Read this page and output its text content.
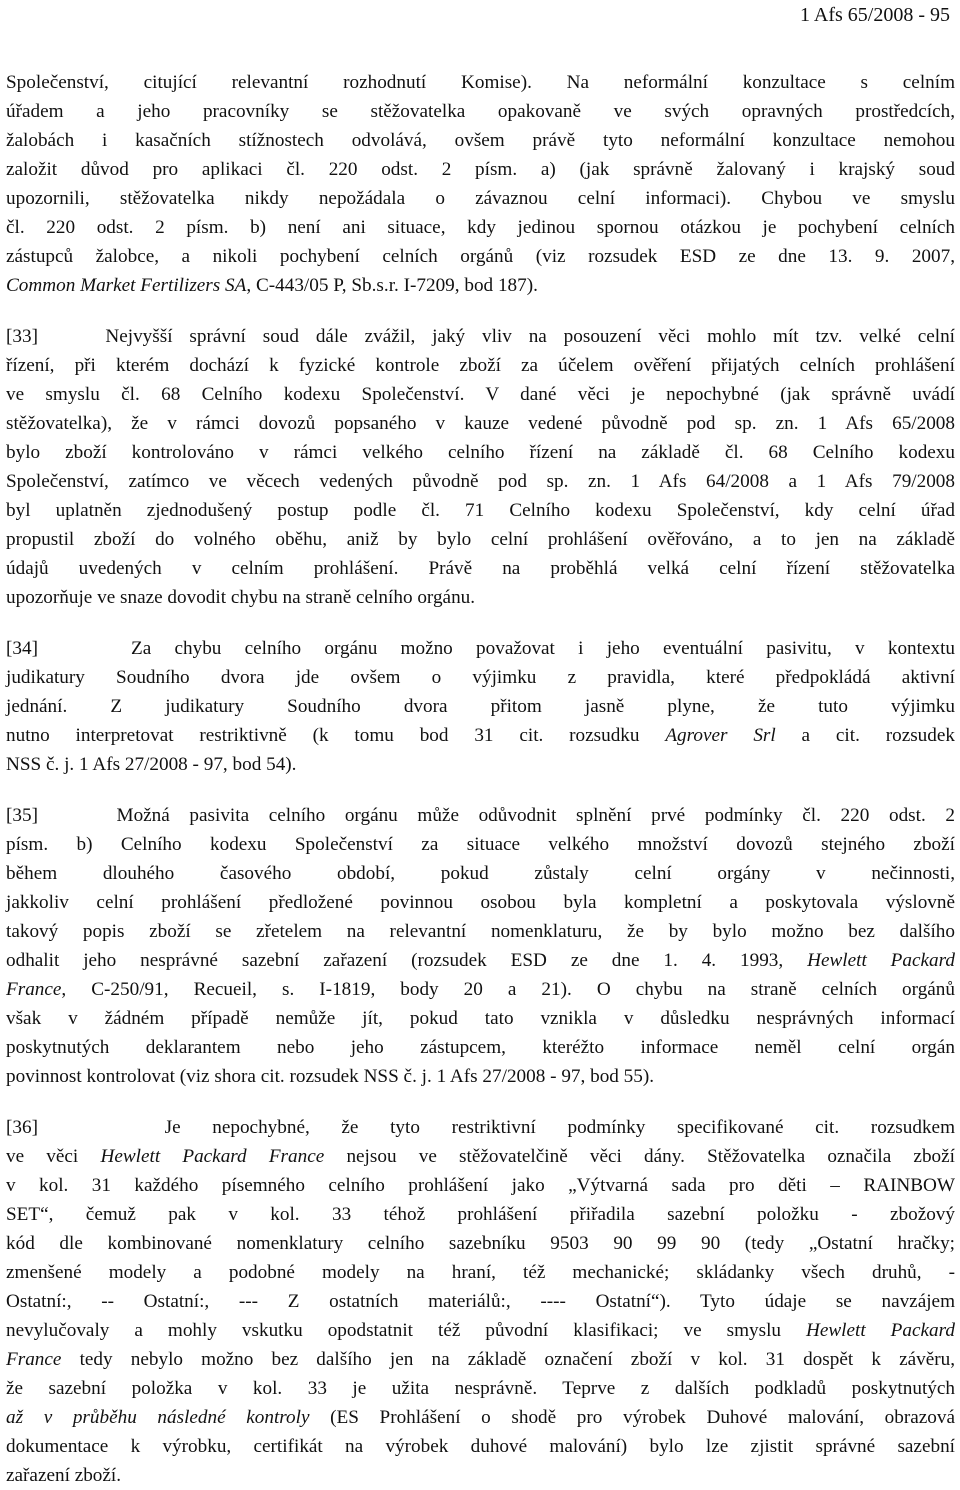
1 Afs 65/2008 - 95
Společenství, citující relevantní rozhodnutí Komise). Na neformální konzultace s celním
úřadem a jeho pracovníky se stěžovatelka opakovaně ve svých opravných prostředcích,
žalobách i kasačních stížnostech odvolává, ovšem právě tyto neformální konzultace nemohou
založit důvod pro aplikaci čl. 220 odst. 2 písm. a) (jak správně žalovaný i krajský soud
upozornili, stěžovatelka nikdy nepožádala o závaznou celní informaci). Chybou ve smyslu
čl. 220 odst. 2 písm. b) není ani situace, kdy jedinou spornou otázkou je pochybení celních
zástupců žalobce, a nikoli pochybení celních orgánů (viz rozsudek ESD ze dne 13. 9. 2007,
Common Market Fertilizers SA, C-443/05 P, Sb.s.r. I-7209, bod 187).
[33]    Nejvyšší správní soud dále zvážil, jaký vliv na posouzení věci mohlo mít tzv. velké celní
řízení, při kterém dochází k fyzické kontrole zboží za účelem ověření přijatých celních prohlášení
ve smyslu čl. 68 Celního kodexu Společenství. V dané věci je nepochybné (jak správně uvádí
stěžovatelka), že v rámci dovozů popsaného v kauze vedené původně pod sp. zn. 1 Afs 65/2008
bylo zboží kontrolováno v rámci velkého celního řízení na základě čl. 68 Celního kodexu
Společenství, zatímco ve věcech vedených původně pod sp. zn. 1 Afs 64/2008 a 1 Afs 79/2008
byl uplatněn zjednodušený postup podle čl. 71 Celního kodexu Společenství, kdy celní úřad
propustil zboží do volného oběhu, aniž by bylo celní prohlášení ověřováno, a to jen na základě
údajů uvedených v celním prohlášení. Právě na proběhlá velká celní řízení stěžovatelka
upozorňuje ve snaze dovodit chybu na straně celního orgánu.
[34]    Za chybu celního orgánu možno považovat i jeho eventuální pasivitu, v kontextu
judikatury Soudního dvora jde ovšem o výjimku z pravidla, které předpokládá aktivní
jednání. Z judikatury Soudního dvora přitom jasně plyne, že tuto výjimku
nutno interpretovat restriktivně (k tomu bod 31 cit. rozsudku Agrover Srl a cit. rozsudek
NSS č. j. 1 Afs 27/2008 - 97, bod 54).
[35]    Možná pasivita celního orgánu může odůvodnit splnění prvé podmínky čl. 220 odst. 2
písm. b) Celního kodexu Společenství za situace velkého množství dovozů stejného zboží
během dlouhého časového období, pokud zůstaly celní orgány v nečinnosti,
jakkoliv celní prohlášení předložené povinnou osobou byla kompletní a poskytovala výslovně
takový popis zboží se zřetelem na relevantní nomenklaturu, že by bylo možno bez dalšího
odhalit jeho nesprávné sazební zařazení (rozsudek ESD ze dne 1. 4. 1993, Hewlett Packard
France, C-250/91, Recueil, s. I-1819, body 20 a 21). O chybu na straně celních orgánů
však v žádném případě nemůže jít, pokud tato vznikla v důsledku nesprávných informací
poskytnutých deklarantem nebo jeho zástupcem, kteréžto informace neměl celní orgán
povinnost kontrolovat (viz shora cit. rozsudek NSS č. j. 1 Afs 27/2008 - 97, bod 55).
[36]    Je nepochybné, že tyto restriktivní podmínky specifikované cit. rozsudkem
ve věci Hewlett Packard France nejsou ve stěžovatelčině věci dány. Stěžovatelka označila zboží
v kol. 31 každého písemného celního prohlášení jako „Výtvarná sada pro děti – RAINBOW
SET“, čemuž pak v kol. 33 téhož prohlášení přiřadila sazební položku - zbožový
kód dle kombinované nomenklatury celního sazebníku 9503 90 99 90 (tedy „Ostatní hračky;
zmenšené modely a podobné modely na hraní, též mechanické; skládanky všech druhů, -
Ostatní:, -- Ostatní:, --- Z ostatních materiálů:, ---- Ostatní“). Tyto údaje se navzájem
nevylučovaly a mohly vskutku opodstatnit též původní klasifikaci; ve smyslu Hewlett Packard
France tedy nebylo možno bez dalšího jen na základě označení zboží v kol. 31 dospět k závěru,
že sazební položka v kol. 33 je užita nesprávně. Teprve z dalších podkladů poskytnutých
až v průběhu následné kontroly (ES Prohlášení o shodě pro výrobek Duhové malování, obrazová
dokumentace k výrobku, certifikát na výrobek duhové malování) bylo lze zjistit správné sazební
zařazení zboží.
